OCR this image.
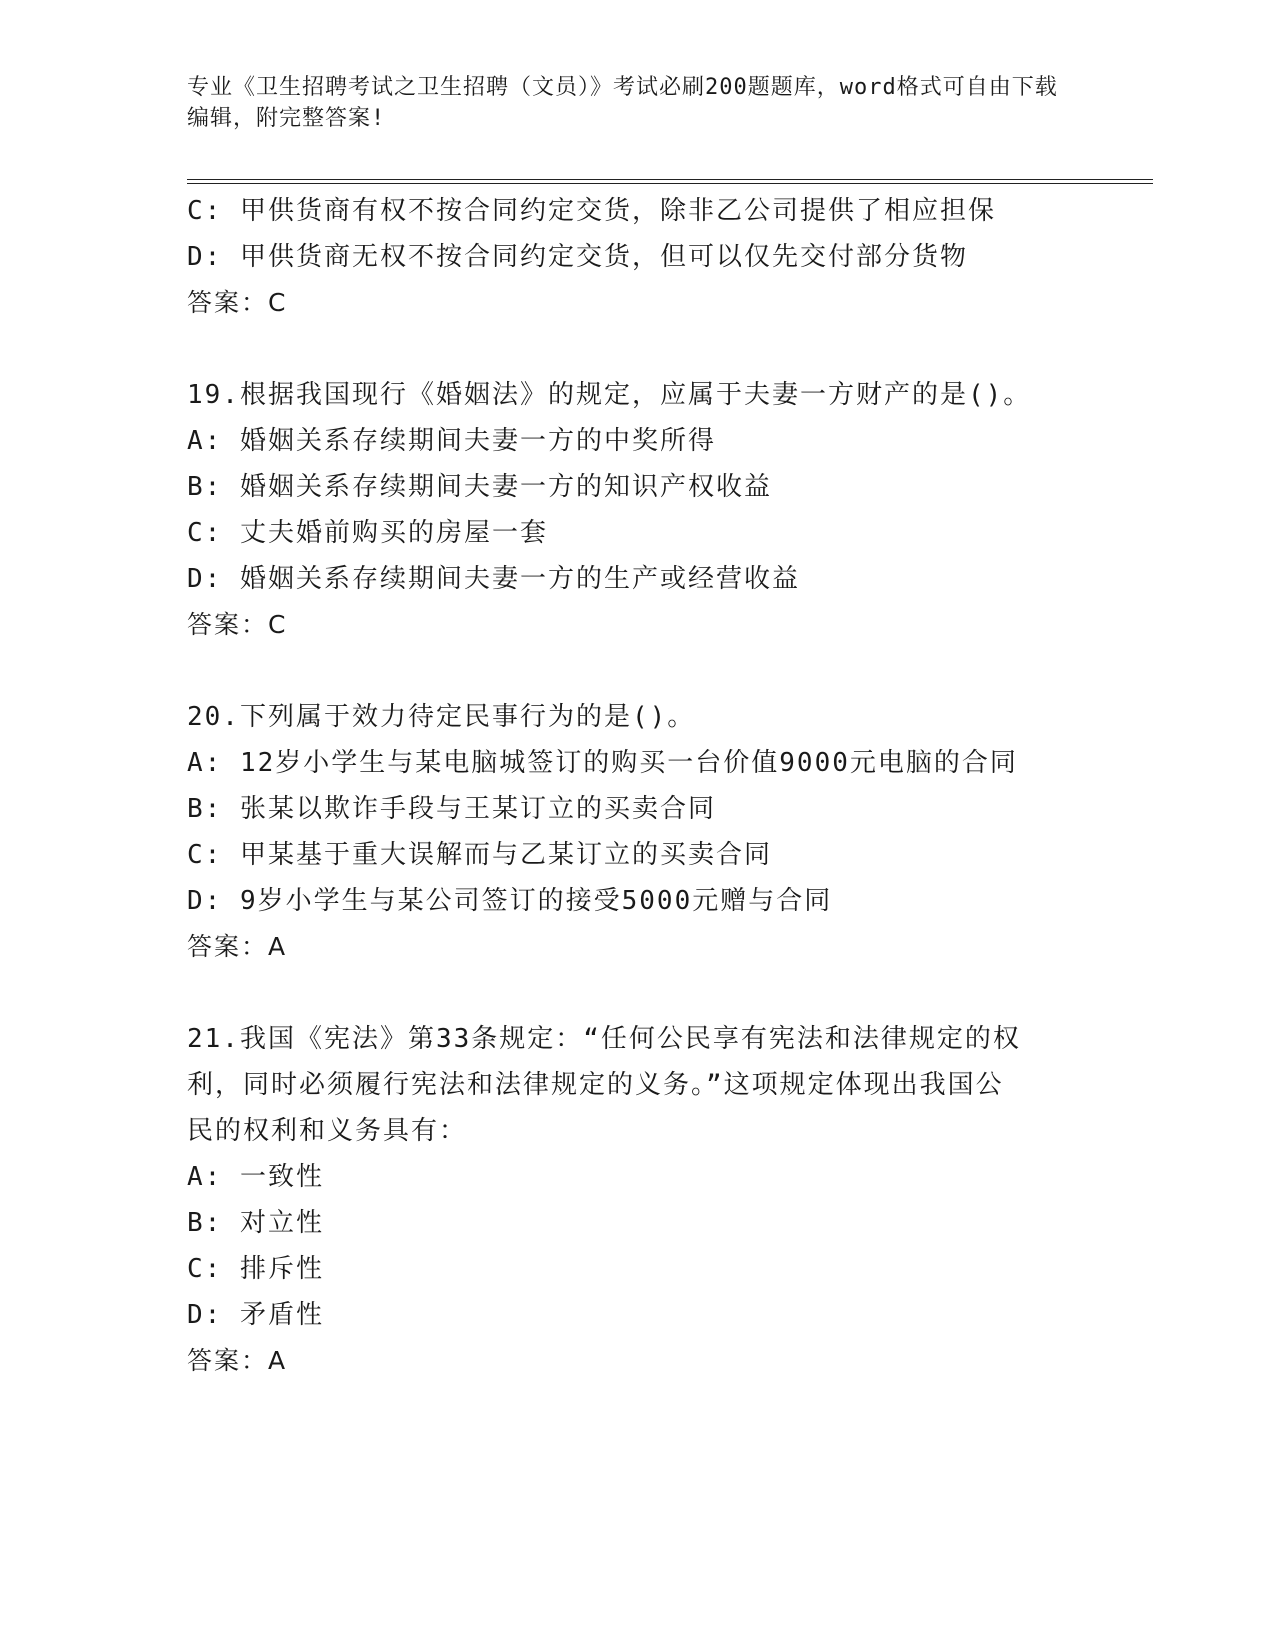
专业《卫生招聘考试之卫生招聘（文员）》考试必刷200题题库，word格式可自由下载编辑，附完整答案!
C: 甲供货商有权不按合同约定交货，除非乙公司提供了相应担保
D: 甲供货商无权不按合同约定交货，但可以仅先交付部分货物
答案：C
19.根据我国现行《婚姻法》的规定，应属于夫妻一方财产的是()。
A: 婚姻关系存续期间夫妻一方的中奖所得
B: 婚姻关系存续期间夫妻一方的知识产权收益
C: 丈夫婚前购买的房屋一套
D: 婚姻关系存续期间夫妻一方的生产或经营收益
答案：C
20.下列属于效力待定民事行为的是()。
A: 12岁小学生与某电脑城签订的购买一台价值9000元电脑的合同
B: 张某以欺诈手段与王某订立的买卖合同
C: 甲某基于重大误解而与乙某订立的买卖合同
D: 9岁小学生与某公司签订的接受5000元赠与合同
答案：A
21.我国《宪法》第33条规定：“任何公民享有宪法和法律规定的权
利，同时必须履行宪法和法律规定的义务。”这项规定体现出我国公
民的权利和义务具有：
A: 一致性
B: 对立性
C: 排斥性
D: 矛盾性
答案：A
